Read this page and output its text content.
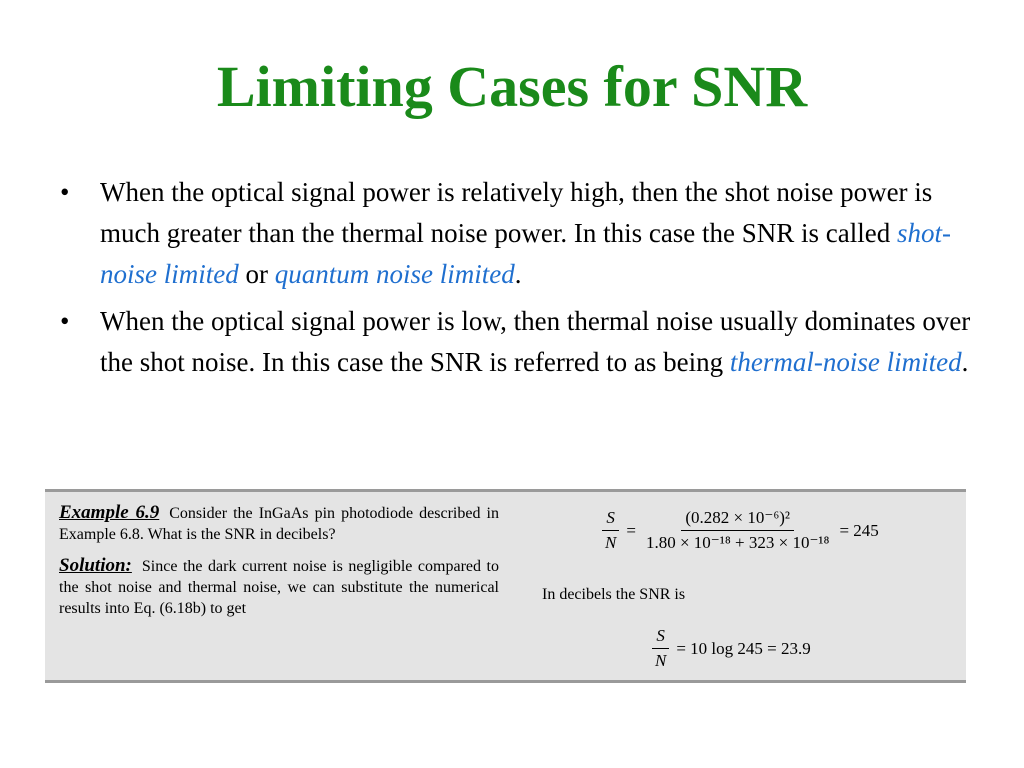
Limiting Cases for SNR
• When the optical signal power is relatively high, then the shot noise power is much greater than the thermal noise power. In this case the SNR is called shot-noise limited or quantum noise limited.
• When the optical signal power is low, then thermal noise usually dominates over the shot noise. In this case the SNR is referred to as being thermal-noise limited.

Example 6.9 Consider the InGaAs pin photodiode described in Example 6.8. What is the SNR in decibels?

Solution: Since the dark current noise is negligible compared to the shot noise and thermal noise, we can substitute the numerical results into Eq. (6.18b) to get

$\frac{S}{N} = \frac{\text{(0.282 × 10⁻⁶)²}}{\text{1.80 × 10⁻¹⁸ + 323 × 10⁻¹⁸}} = 245$
In decibels the SNR is
$\frac{S}{N} = 10$ log 245 = 23.9
